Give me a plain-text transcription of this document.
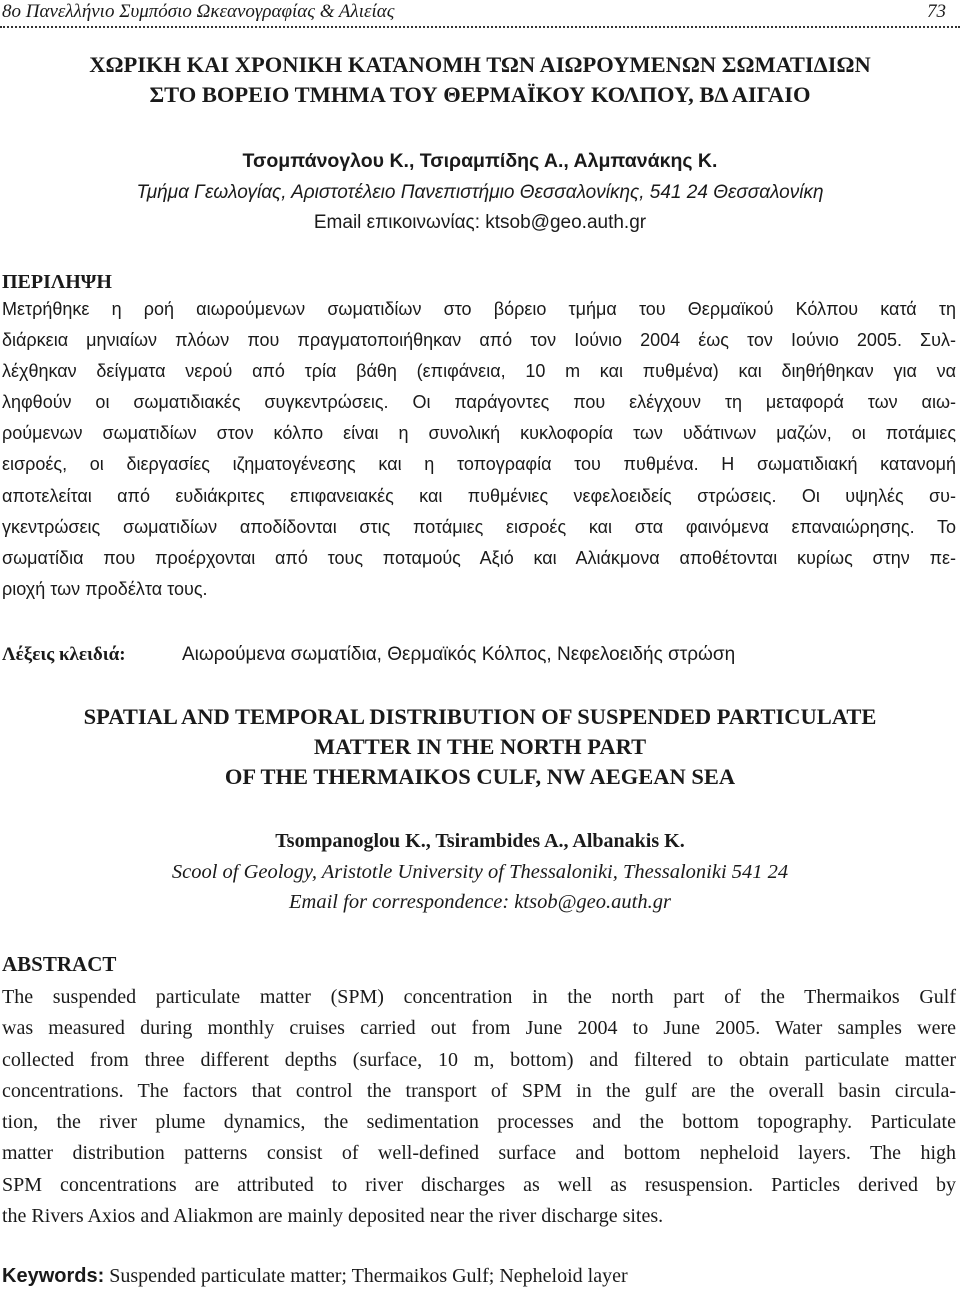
8ο Πανελλήνιο Συμπόσιο Ωκεανογραφίας & Αλιείας	73
ΧΩΡΙΚΗ ΚΑΙ ΧΡΟΝΙΚΗ ΚΑΤΑΝΟΜΗ ΤΩΝ ΑΙΩΡΟΥΜΕΝΩΝ ΣΩΜΑΤΙΔΙΩΝ
ΣΤΟ ΒΟΡΕΙΟ ΤΜΗΜΑ ΤΟΥ ΘΕΡΜΑΪΚΟΥ ΚΟΛΠΟΥ, ΒΔ ΑΙΓΑΙΟ
Τσομπάνογλου Κ., Τσιραμπίδης Α., Αλμπανάκης Κ.
Τμήμα Γεωλογίας, Αριστοτέλειο Πανεπιστήμιο Θεσσαλονίκης, 541 24 Θεσσαλονίκη
Email επικοινωνίας: ktsob@geo.auth.gr
ΠΕΡΙΛΗΨΗ
Μετρήθηκε η ροή αιωρούμενων σωματιδίων στο βόρειο τμήμα του Θερμαϊκού Κόλπου κατά τη
διάρκεια μηνιαίων πλόων που πραγματοποιήθηκαν από τον Ιούνιο 2004 έως τον Ιούνιο 2005. Συλ-
λέχθηκαν δείγματα νερού από τρία βάθη (επιφάνεια, 10 m και πυθμένα) και διηθήθηκαν για να
ληφθούν οι σωματιδιακές συγκεντρώσεις. Οι παράγοντες που ελέγχουν τη μεταφορά των αιω-
ρούμενων σωματιδίων στον κόλπο είναι η συνολική κυκλοφορία των υδάτινων μαζών, οι ποτάμιες
εισροές, οι διεργασίες ιζηματογένεσης και η τοπογραφία του πυθμένα. Η σωματιδιακή κατανομή
αποτελείται από ευδιάκριτες επιφανειακές και πυθμένιες νεφελοειδείς στρώσεις. Οι υψηλές συ-
γκεντρώσεις σωματιδίων αποδίδονται στις ποτάμιες εισροές και στα φαινόμενα επαναιώρησης. Το
σωματίδια που προέρχονται από τους ποταμούς Αξιό και Αλιάκμονα αποθέτονται κυρίως στην πε-
ριοχή των προδέλτα τους.
Λέξεις κλειδιά:	Αιωρούμενα σωματίδια, Θερμαϊκός Κόλπος, Νεφελοειδής στρώση
SPATIAL AND TEMPORAL DISTRIBUTION OF SUSPENDED PARTICULATE
MATTER IN THE NORTH PART
OF THE THERMAIKOS CULF, NW AEGEAN SEA
Tsompanoglou K., Tsirambides A., Albanakis K.
Scool of Geology, Aristotle University of Thessaloniki, Thessaloniki 541 24
Email for correspondence: ktsob@geo.auth.gr
ABSTRACT
The suspended particulate matter (SPM) concentration in the north part of the Thermaikos Gulf
was measured during monthly cruises carried out from June 2004 to June 2005. Water samples were
collected from three different depths (surface, 10 m, bottom) and filtered to obtain particulate matter
concentrations. The factors that control the transport of SPM in the gulf are the overall basin circula-
tion, the river plume dynamics, the sedimentation processes and the bottom topography. Particulate
matter distribution patterns consist of well-defined surface and bottom nepheloid layers. The high
SPM concentrations are attributed to river discharges as well as resuspension. Particles derived by
the Rivers Axios and Aliakmon are mainly deposited near the river discharge sites.
Keywords: Suspended particulate matter; Thermaikos Gulf; Nepheloid layer
